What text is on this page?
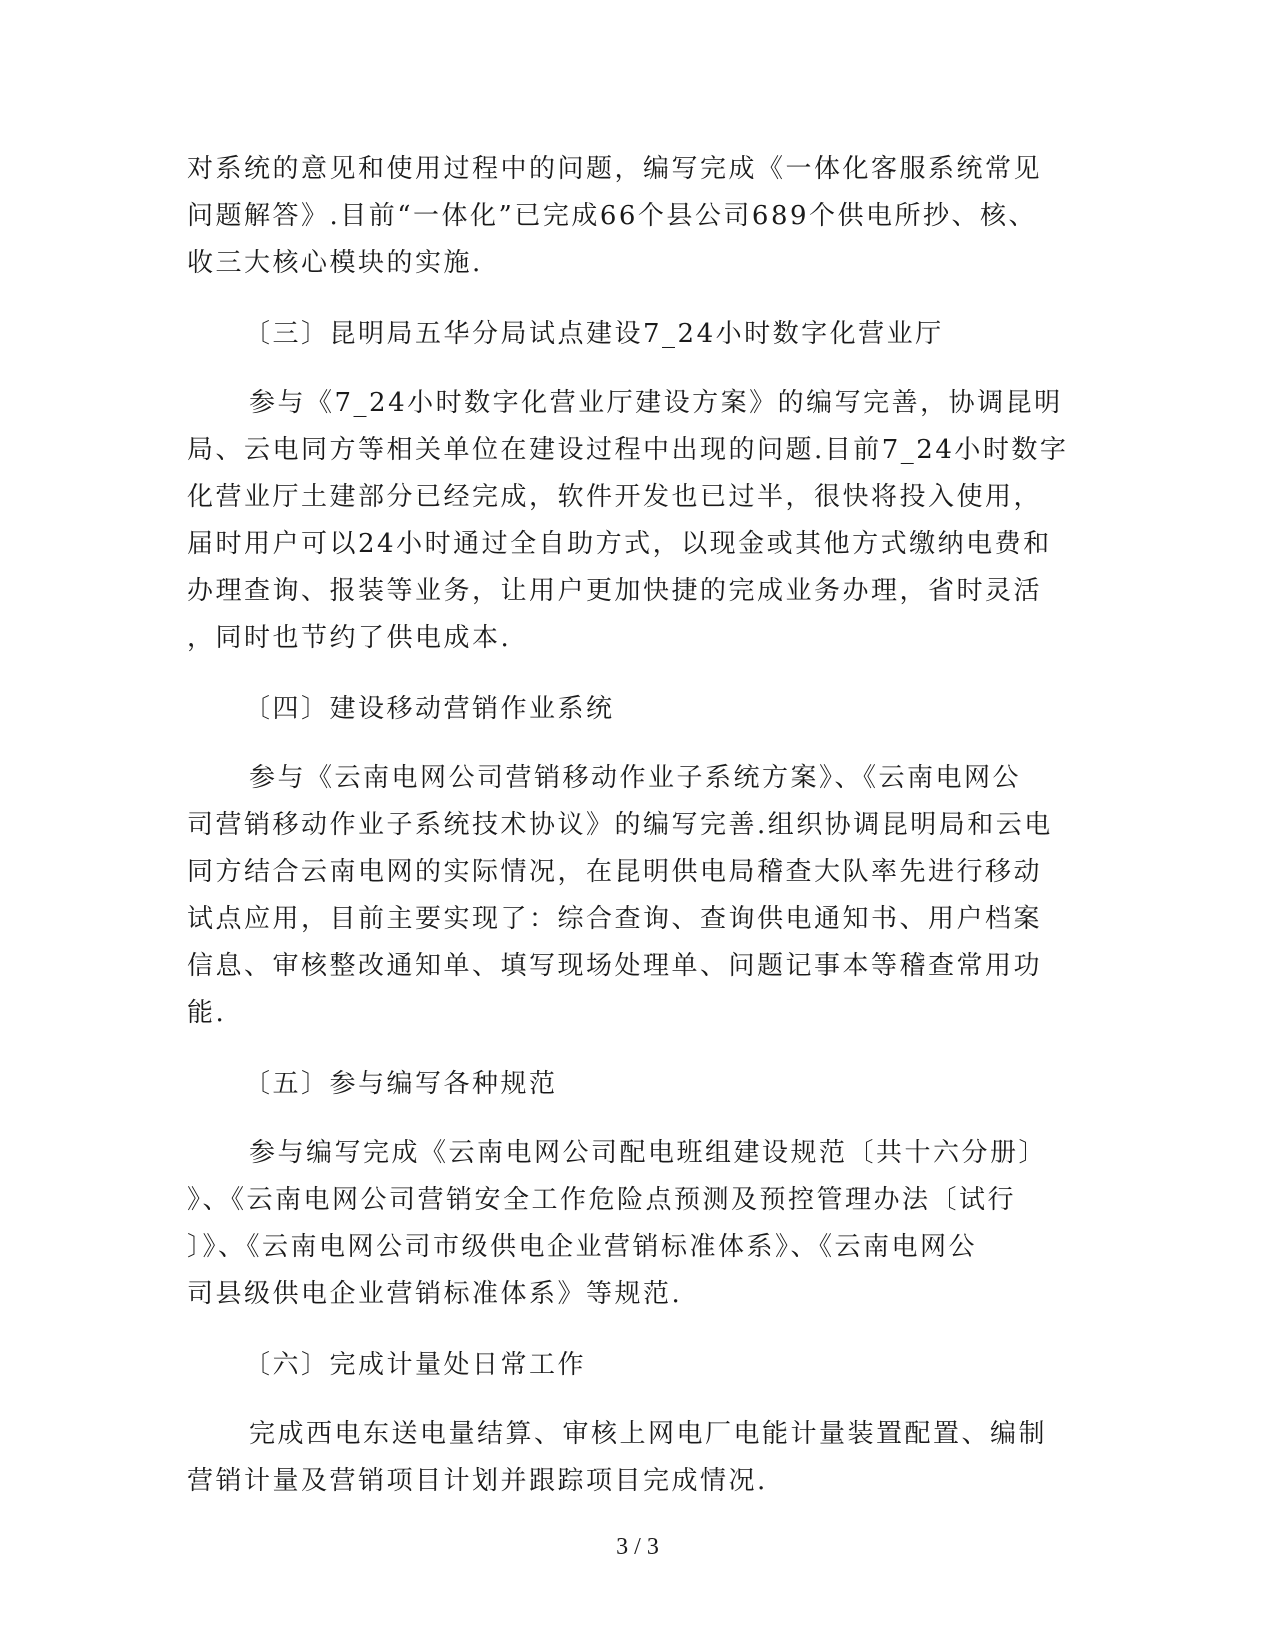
对系统的意见和使用过程中的问题，编写完成《一体化客服系统常见

问题解答》.目前“一体化”已完成66个县公司689个供电所抄、核、

收三大核心模块的实施.

〔三〕昆明局五华分局试点建设7_24小时数字化营业厅

参与《7_24小时数字化营业厅建设方案》的编写完善，协调昆明

局、云电同方等相关单位在建设过程中出现的问题.目前7_24小时数字

化营业厅土建部分已经完成，软件开发也已过半，很快将投入使用，

届时用户可以24小时通过全自助方式，以现金或其他方式缴纳电费和

办理查询、报装等业务，让用户更加快捷的完成业务办理，省时灵活

，同时也节约了供电成本.

〔四〕建设移动营销作业系统

参与《云南电网公司营销移动作业子系统方案》、《云南电网公

司营销移动作业子系统技术协议》的编写完善.组织协调昆明局和云电

同方结合云南电网的实际情况，在昆明供电局稽查大队率先进行移动

试点应用，目前主要实现了：综合查询、查询供电通知书、用户档案

信息、审核整改通知单、填写现场处理单、问题记事本等稽查常用功

能.

〔五〕参与编写各种规范

参与编写完成《云南电网公司配电班组建设规范〔共十六分册〕

》、《云南电网公司营销安全工作危险点预测及预控管理办法〔试行

〕》、《云南电网公司市级供电企业营销标准体系》、《云南电网公

司县级供电企业营销标准体系》等规范.

〔六〕完成计量处日常工作

完成西电东送电量结算、审核上网电厂电能计量装置配置、编制

营销计量及营销项目计划并跟踪项目完成情况.

3 / 3
